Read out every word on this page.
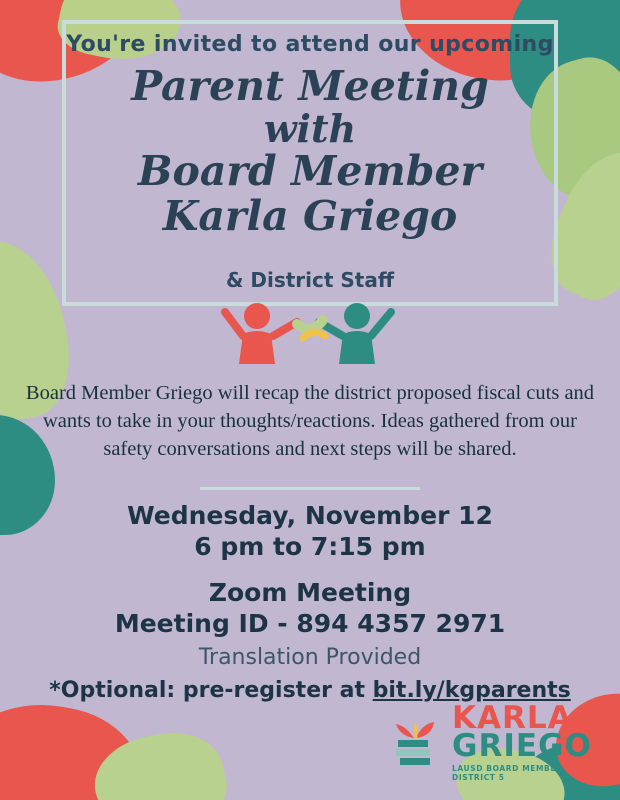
You're invited to attend our upcoming
Parent Meeting
with
Board Member
Karla Griego
& District Staff
Board Member Griego will recap the district proposed fiscal cuts and wants to take in your thoughts/reactions. Ideas gathered from our safety conversations and next steps will be shared.
Wednesday, November 12
6 pm to 7:15 pm
Zoom Meeting
Meeting ID - 894 4357 2971
Translation Provided
*Optional: pre-register at bit.ly/kgparents
KARLA
GRIEGO
LAUSD BOARD MEMBER, DISTRICT 5
